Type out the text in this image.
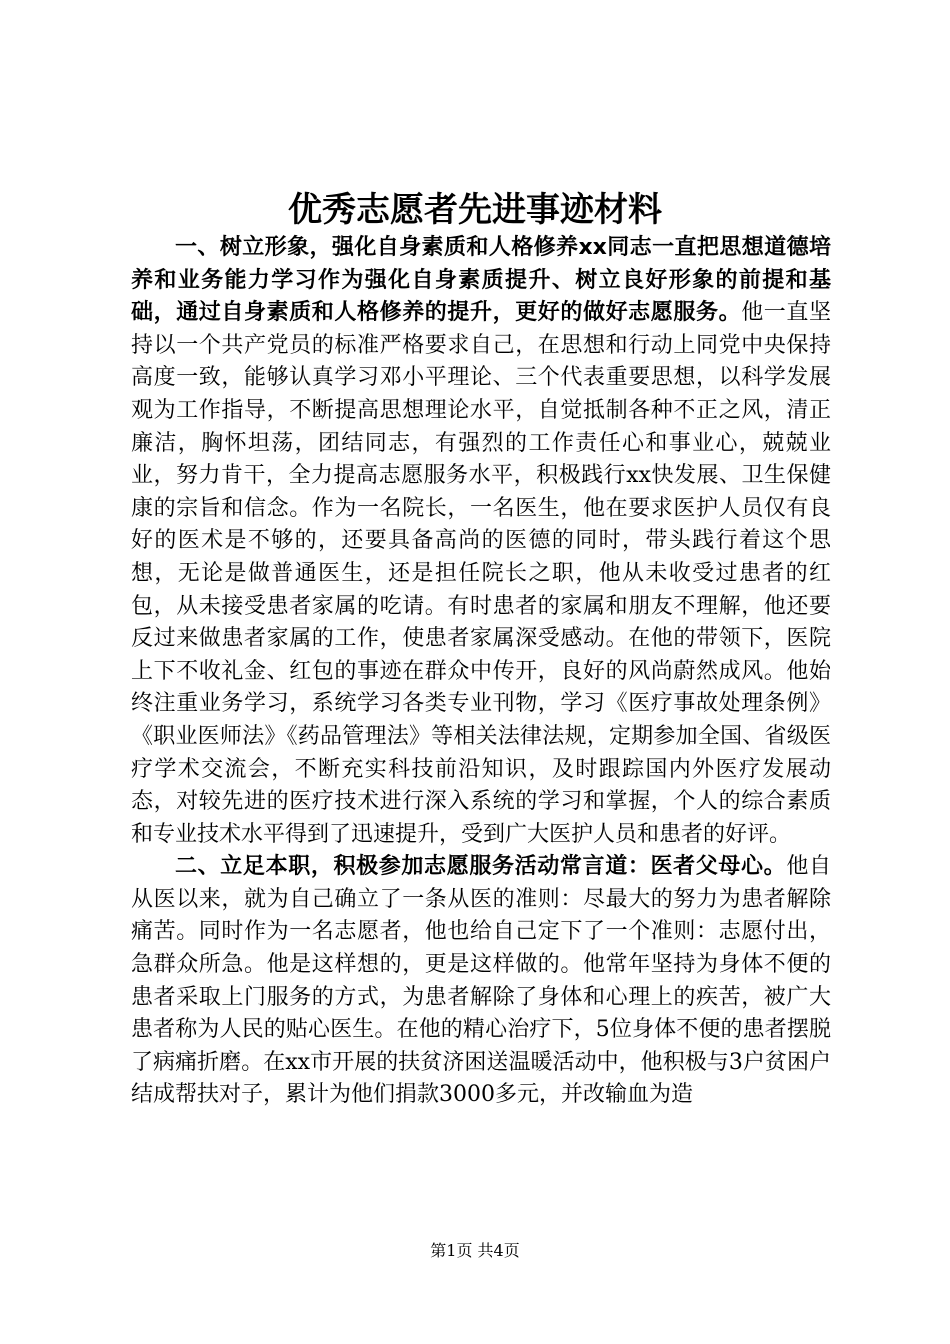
优秀志愿者先进事迹材料

一、树立形象，强化自身素质和人格修养xx同志一直把思想道德培养和业务能力学习作为强化自身素质提升、树立良好形象的前提和基础，通过自身素质和人格修养的提升，更好的做好志愿服务。他一直坚持以一个共产党员的标准严格要求自己，在思想和行动上同党中央保持高度一致，能够认真学习邓小平理论、三个代表重要思想，以科学发展观为工作指导，不断提高思想理论水平，自觉抵制各种不正之风，清正廉洁，胸怀坦荡，团结同志，有强烈的工作责任心和事业心，兢兢业业，努力肯干，全力提高志愿服务水平，积极践行xx快发展、卫生保健康的宗旨和信念。作为一名院长，一名医生，他在要求医护人员仅有良好的医术是不够的，还要具备高尚的医德的同时，带头践行着这个思想，无论是做普通医生，还是担任院长之职，他从未收受过患者的红包，从未接受患者家属的吃请。有时患者的家属和朋友不理解，他还要反过来做患者家属的工作，使患者家属深受感动。在他的带领下，医院上下不收礼金、红包的事迹在群众中传开，良好的风尚蔚然成风。他始终注重业务学习，系统学习各类专业刊物，学习《医疗事故处理条例》《职业医师法》《药品管理法》等相关法律法规，定期参加全国、省级医疗学术交流会，不断充实科技前沿知识，及时跟踪国内外医疗发展动态，对较先进的医疗技术进行深入系统的学习和掌握，个人的综合素质和专业技术水平得到了迅速提升，受到广大医护人员和患者的好评。

二、立足本职，积极参加志愿服务活动常言道：医者父母心。他自从医以来，就为自己确立了一条从医的准则：尽最大的努力为患者解除痛苦。同时作为一名志愿者，他也给自己定下了一个准则：志愿付出，急群众所急。他是这样想的，更是这样做的。他常年坚持为身体不便的患者采取上门服务的方式，为患者解除了身体和心理上的疾苦，被广大患者称为人民的贴心医生。在他的精心治疗下，5位身体不便的患者摆脱了病痛折磨。在xx市开展的扶贫济困送温暖活动中，他积极与3户贫困户结成帮扶对子，累计为他们捐款3000多元，并改输血为造

第1页 共4页
